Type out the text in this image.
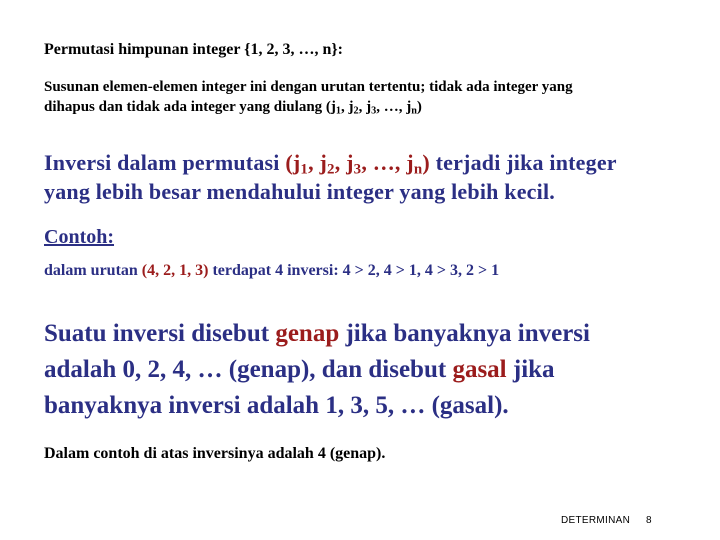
Permutasi himpunan integer {1, 2, 3, …, n}:
Susunan elemen-elemen integer ini dengan urutan tertentu; tidak ada integer yang
dihapus dan tidak ada integer yang diulang ($j_1$, $j_2$, $j_3$, …, $j_n$)
Inversi dalam permutasi ($j_1$, $j_2$, $j_3$, …, $j_n$) terjadi jika integer
yang lebih besar mendahului integer yang lebih kecil.
Contoh:
dalam urutan (4, 2, 1, 3) terdapat 4 inversi: 4 > 2, 4 > 1, 4 > 3, 2 > 1
Suatu inversi disebut genap jika banyaknya inversi
adalah 0, 2, 4, … (genap), dan disebut gasal jika
banyaknya inversi adalah 1, 3, 5, … (gasal).
Dalam contoh di atas inversinya adalah 4 (genap).
DETERMINAN 8
